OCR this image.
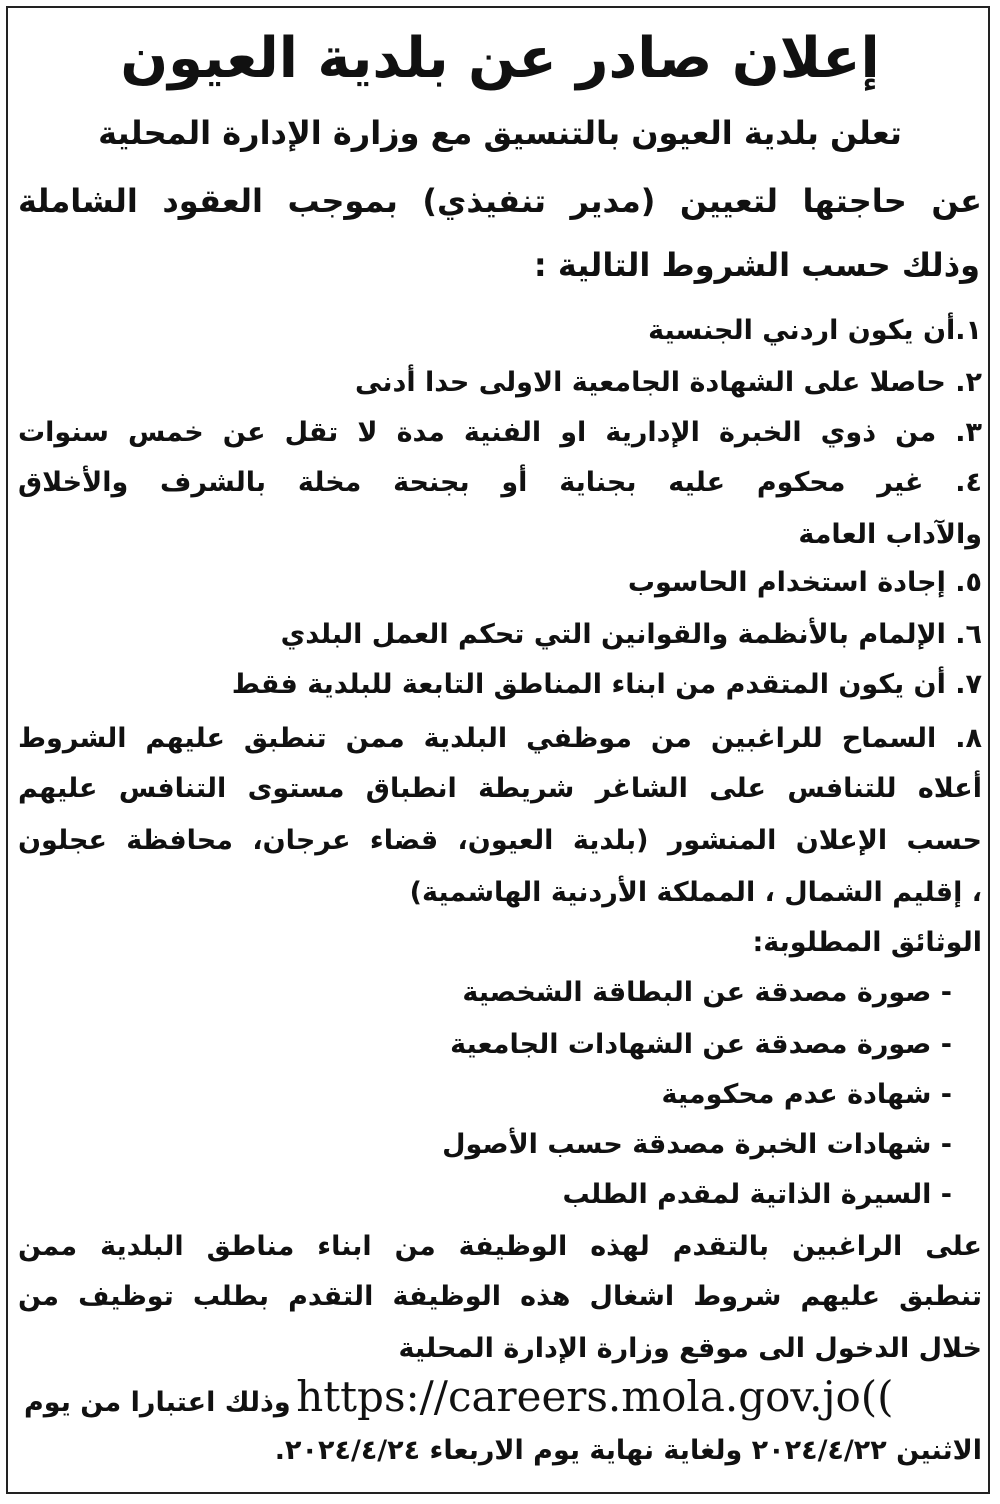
إعلان صادر عن بلدية العيون
تعلن بلدية العيون بالتنسيق مع وزارة الإدارة المحلية
عن حاجتها لتعيين (مدير تنفيذي) بموجب العقود الشاملة
وذلك حسب الشروط التالية :
١.أن يكون اردني الجنسية
٢. حاصلا على الشهادة الجامعية الاولى حدا أدنى
٣. من ذوي الخبرة الإدارية او الفنية مدة لا تقل عن خمس سنوات
٤. غير محكوم عليه بجناية أو بجنحة مخلة بالشرف والأخلاق
والآداب العامة
٥. إجادة استخدام الحاسوب
٦. الإلمام بالأنظمة والقوانين التي تحكم العمل البلدي
٧. أن يكون المتقدم من ابناء المناطق التابعة للبلدية فقط
٨. السماح للراغبين من موظفي البلدية ممن تنطبق عليهم الشروط
أعلاه للتنافس على الشاغر شريطة انطباق مستوى التنافس عليهم
حسب الإعلان المنشور (بلدية العيون، قضاء عرجان، محافظة عجلون
، إقليم الشمال ، المملكة الأردنية الهاشمية)
الوثائق المطلوبة:
- صورة مصدقة عن البطاقة الشخصية
- صورة مصدقة عن الشهادات الجامعية
- شهادة عدم محكومية
- شهادات الخبرة مصدقة حسب الأصول
- السيرة الذاتية لمقدم الطلب
على الراغبين بالتقدم لهذه الوظيفة من ابناء مناطق البلدية ممن
تنطبق عليهم شروط اشغال هذه الوظيفة التقدم بطلب توظيف من
خلال الدخول الى موقع وزارة الإدارة المحلية
وذلك اعتبارا من يوم https://careers.mola.gov.jo((
الاثنين ٢٠٢٤/٤/٢٢ ولغاية نهاية يوم الاربعاء ٢٠٢٤/٤/٢٤.
